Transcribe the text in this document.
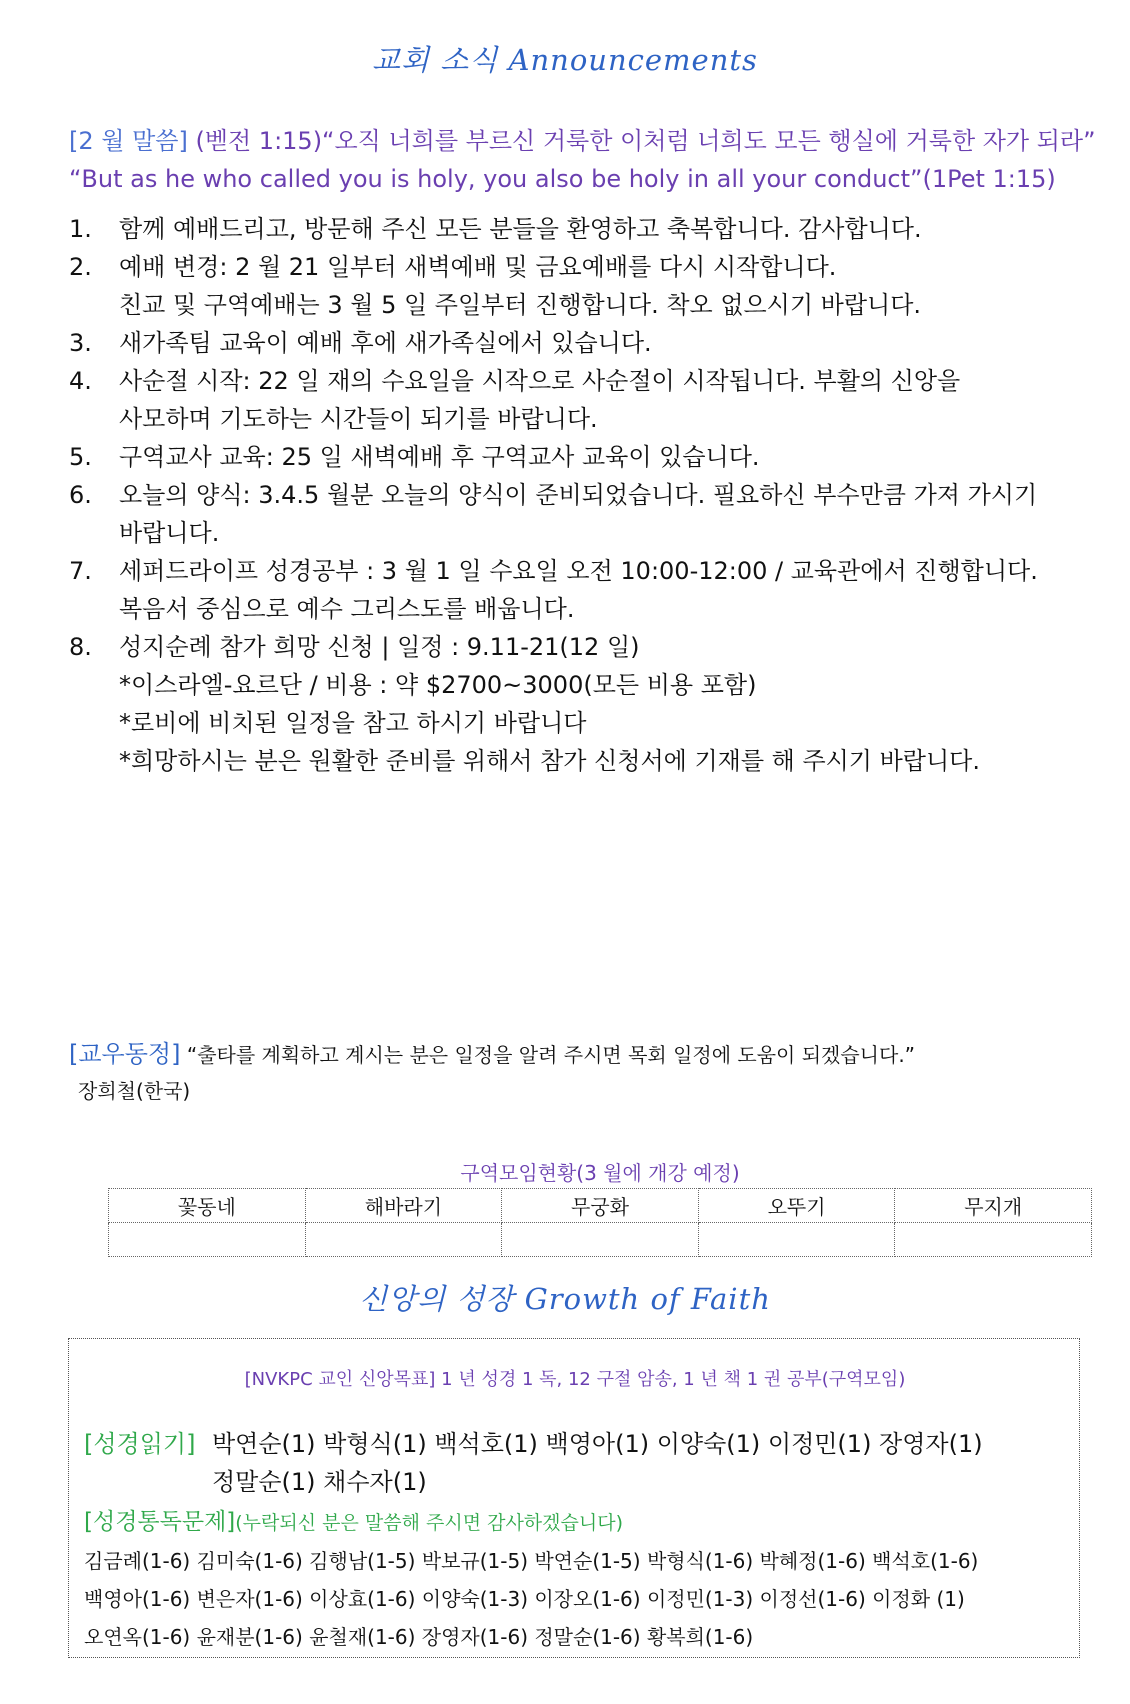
교회 소식 Announcements
[2 월 말씀] (벧전 1:15)“오직 너희를 부르신 거룩한 이처럼 너희도 모든 행실에 거룩한 자가 되라” “But as he who called you is holy, you also be holy in all your conduct”(1Pet 1:15)
1. 함께 예배드리고, 방문해 주신 모든 분들을 환영하고 축복합니다. 감사합니다.
2. 예배 변경: 2 월 21 일부터 새벽예배 및 금요예배를 다시 시작합니다.
친교 및 구역예배는 3 월 5 일 주일부터 진행합니다. 착오 없으시기 바랍니다.
3. 새가족팀 교육이 예배 후에 새가족실에서 있습니다.
4. 사순절 시작: 22 일 재의 수요일을 시작으로 사순절이 시작됩니다. 부활의 신앙을
사모하며 기도하는 시간들이 되기를 바랍니다.
5. 구역교사 교육: 25 일 새벽예배 후 구역교사 교육이 있습니다.
6. 오늘의 양식: 3.4.5 월분 오늘의 양식이 준비되었습니다. 필요하신 부수만큼 가져 가시기
바랍니다.
7. 세퍼드라이프 성경공부 : 3 월 1 일 수요일 오전 10:00-12:00 / 교육관에서 진행합니다.
복음서 중심으로 예수 그리스도를 배웁니다.
8. 성지순례 참가 희망 신청 | 일정 : 9.11-21(12 일)
*이스라엘-요르단 / 비용 : 약 $2700~3000(모든 비용 포함)
*로비에 비치된 일정을 참고 하시기 바랍니다
*희망하시는 분은 원활한 준비를 위해서 참가 신청서에 기재를 해 주시기 바랍니다.
[교우동정] “출타를 계획하고 계시는 분은 일정을 알려 주시면 목회 일정에 도움이 되겠습니다.”
장희철(한국)
구역모임현황(3 월에 개강 예정)
꽃동네	해바라기	무궁화	오뚜기	무지개

신앙의 성장 Growth of Faith
[NVKPC 교인 신앙목표] 1 년 성경 1 독, 12 구절 암송, 1 년 책 1 권 공부(구역모임)
[성경읽기] 박연순(1) 박형식(1) 백석호(1) 백영아(1) 이양숙(1) 이정민(1) 장영자(1)
정말순(1) 채수자(1)
[성경통독문제](누락되신 분은 말씀해 주시면 감사하겠습니다)
김금례(1-6) 김미숙(1-6) 김행남(1-5) 박보규(1-5) 박연순(1-5) 박형식(1-6) 박혜정(1-6) 백석호(1-6)
백영아(1-6) 변은자(1-6) 이상효(1-6) 이양숙(1-3) 이장오(1-6) 이정민(1-3) 이정선(1-6) 이정화 (1)
오연옥(1-6) 윤재분(1-6) 윤철재(1-6) 장영자(1-6) 정말순(1-6) 황복희(1-6)
